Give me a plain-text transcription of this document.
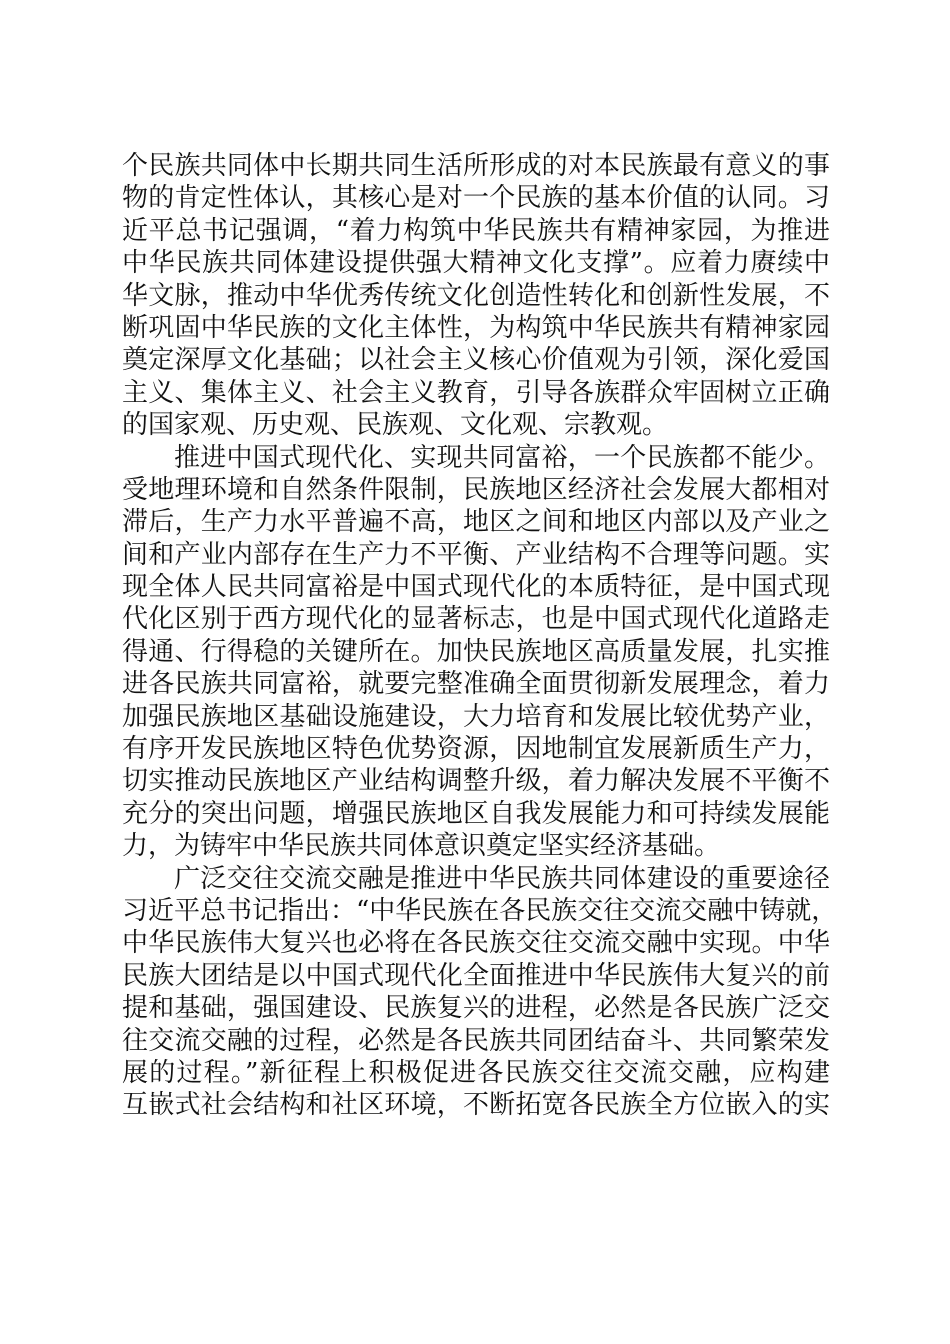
个民族共同体中长期共同生活所形成的对本民族最有意义的事
物的肯定性体认，其核心是对一个民族的基本价值的认同。习
近平总书记强调，“着力构筑中华民族共有精神家园，为推进
中华民族共同体建设提供强大精神文化支撑”。应着力赓续中
华文脉，推动中华优秀传统文化创造性转化和创新性发展，不
断巩固中华民族的文化主体性，为构筑中华民族共有精神家园
奠定深厚文化基础；以社会主义核心价值观为引领，深化爱国
主义、集体主义、社会主义教育，引导各族群众牢固树立正确
的国家观、历史观、民族观、文化观、宗教观。
推进中国式现代化、实现共同富裕，一个民族都不能少。
受地理环境和自然条件限制，民族地区经济社会发展大都相对
滞后，生产力水平普遍不高，地区之间和地区内部以及产业之
间和产业内部存在生产力不平衡、产业结构不合理等问题。实
现全体人民共同富裕是中国式现代化的本质特征，是中国式现
代化区别于西方现代化的显著标志，也是中国式现代化道路走
得通、行得稳的关键所在。加快民族地区高质量发展，扎实推
进各民族共同富裕，就要完整准确全面贯彻新发展理念，着力
加强民族地区基础设施建设，大力培育和发展比较优势产业，
有序开发民族地区特色优势资源，因地制宜发展新质生产力，
切实推动民族地区产业结构调整升级，着力解决发展不平衡不
充分的突出问题，增强民族地区自我发展能力和可持续发展能
力，为铸牢中华民族共同体意识奠定坚实经济基础。
广泛交往交流交融是推进中华民族共同体建设的重要途径
习近平总书记指出：“中华民族在各民族交往交流交融中铸就，
中华民族伟大复兴也必将在各民族交往交流交融中实现。中华
民族大团结是以中国式现代化全面推进中华民族伟大复兴的前
提和基础，强国建设、民族复兴的进程，必然是各民族广泛交
往交流交融的过程，必然是各民族共同团结奋斗、共同繁荣发
展的过程。”新征程上积极促进各民族交往交流交融，应构建
互嵌式社会结构和社区环境，不断拓宽各民族全方位嵌入的实
